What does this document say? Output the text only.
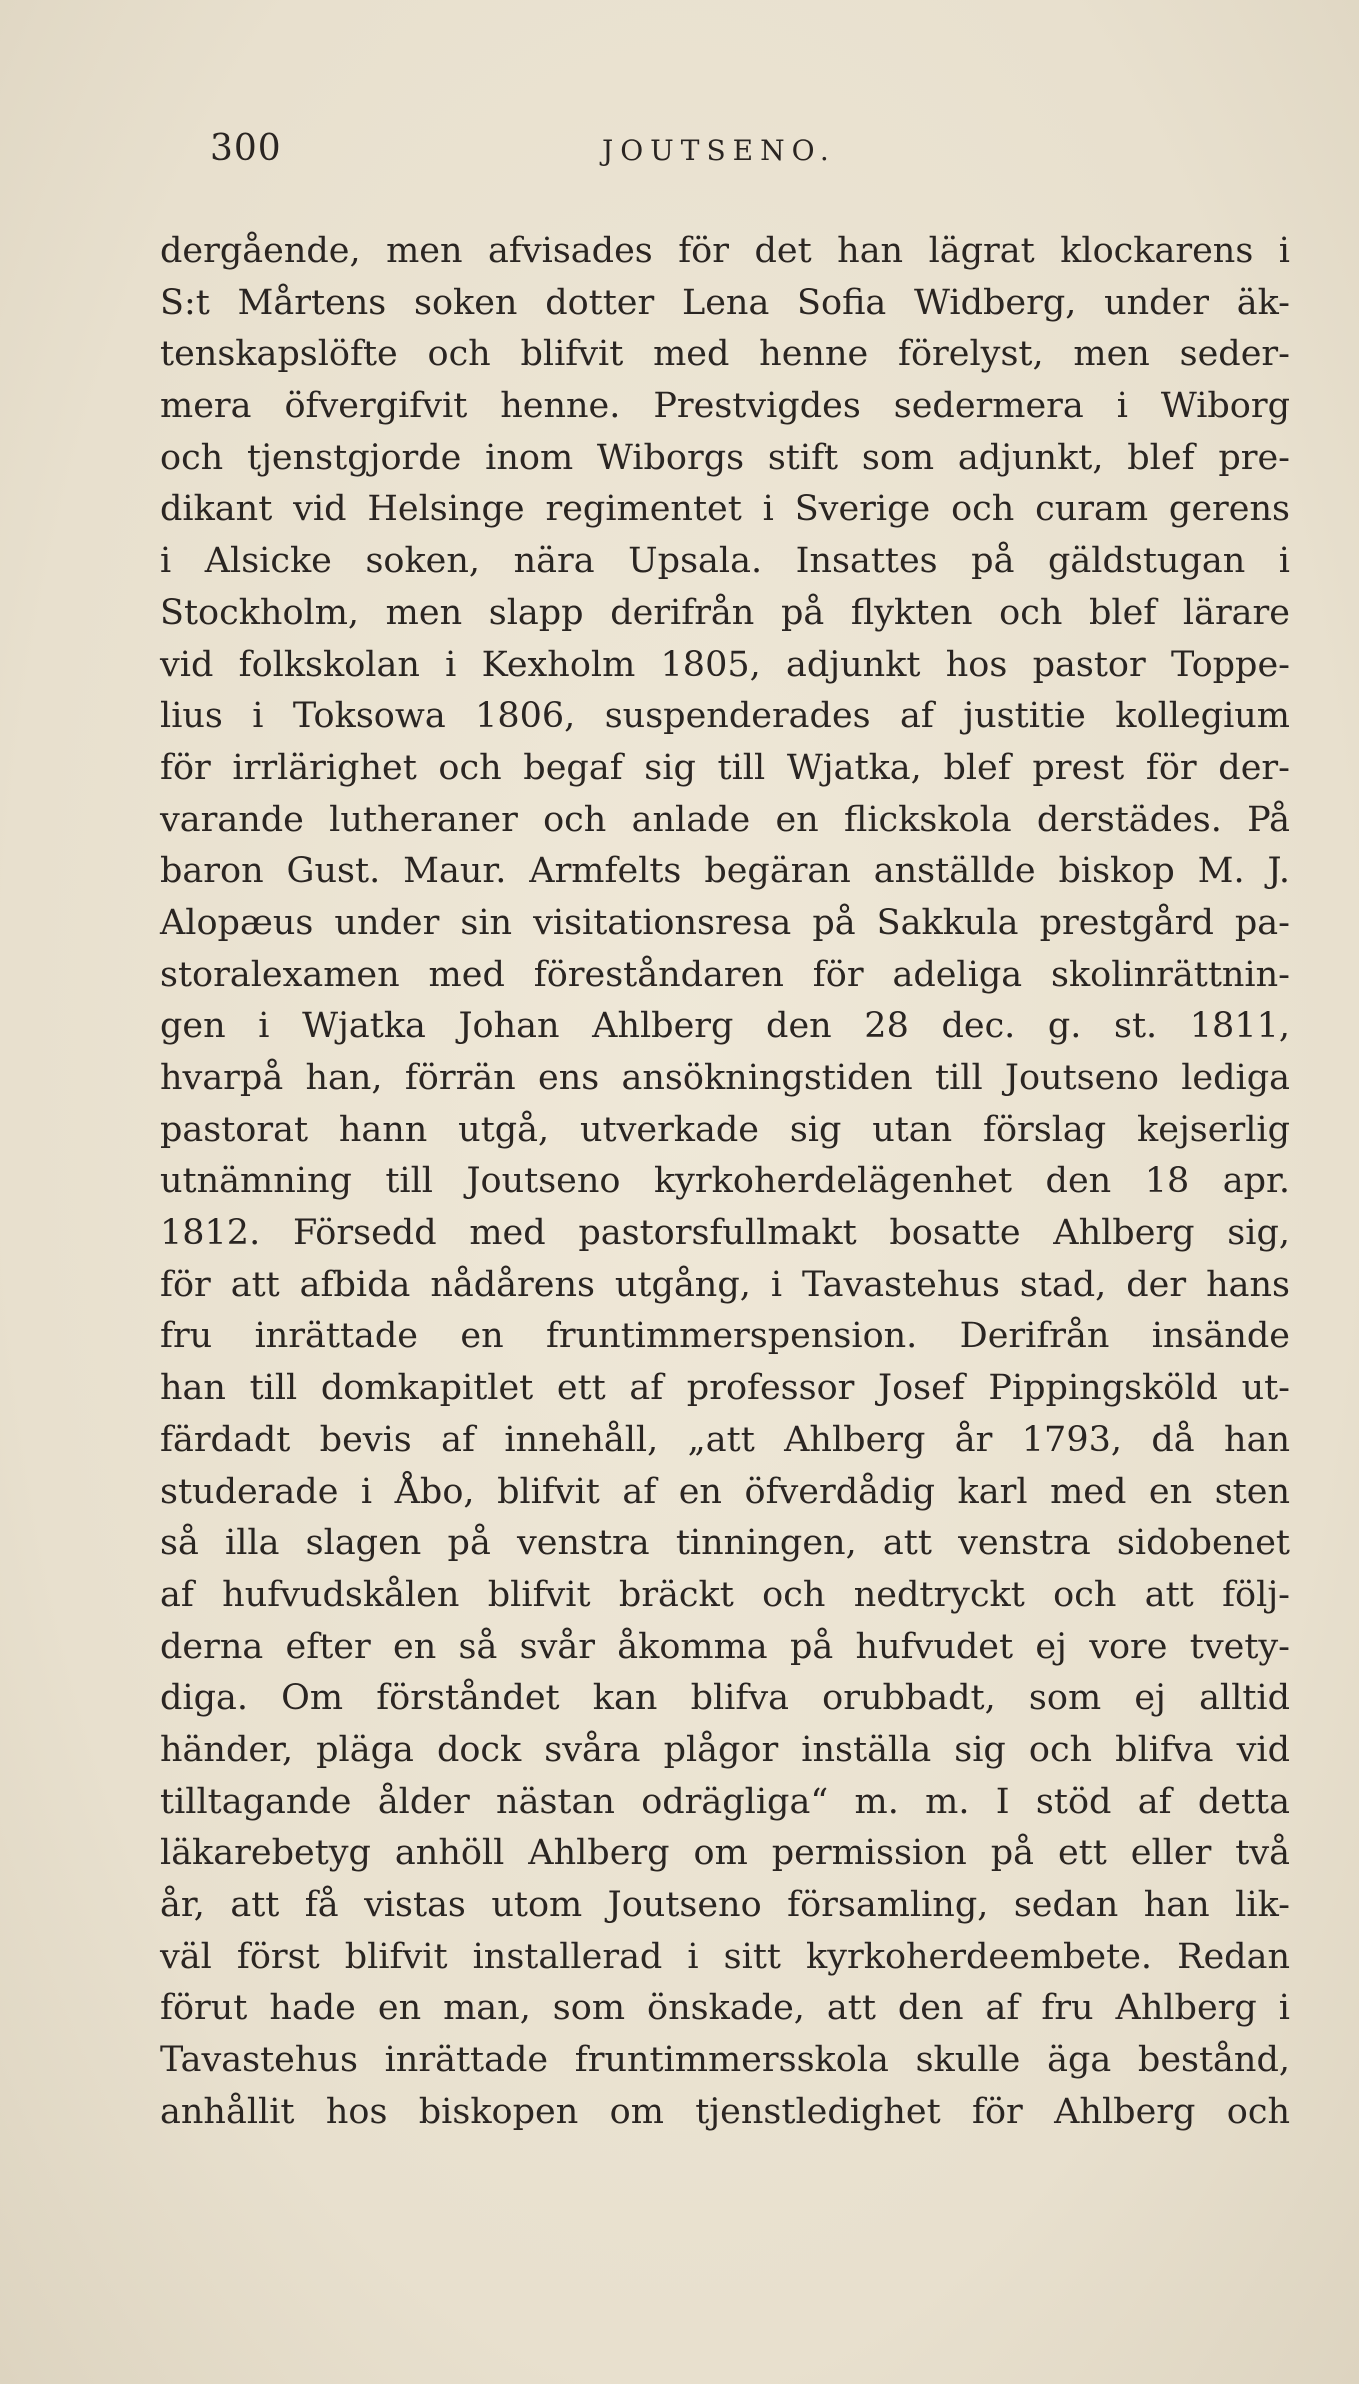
300	JOUTSENO.
dergående, men afvisades för det han lägrat klockarens i
S:t Mårtens soken dotter Lena Sofia Widberg, under äk-
tenskapslöfte och blifvit med henne förelyst, men seder-
mera öfvergifvit henne. Prestvigdes sedermera i Wiborg
och tjenstgjorde inom Wiborgs stift som adjunkt, blef pre-
dikant vid Helsinge regimentet i Sverige och curam gerens
i Alsicke soken, nära Upsala. Insattes på gäldstugan i
Stockholm, men slapp derifrån på flykten och blef lärare
vid folkskolan i Kexholm 1805, adjunkt hos pastor Toppe-
lius i Toksowa 1806, suspenderades af justitie kollegium
för irrlärighet och begaf sig till Wjatka, blef prest för der-
varande lutheraner och anlade en flickskola derstädes. På
baron Gust. Maur. Armfelts begäran anställde biskop M. J.
Alopæus under sin visitationsresa på Sakkula prestgård pa-
storalexamen med föreståndaren för adeliga skolinrättnin-
gen i Wjatka Johan Ahlberg den 28 dec. g. st. 1811,
hvarpå han, förrän ens ansökningstiden till Joutseno lediga
pastorat hann utgå, utverkade sig utan förslag kejserlig
utnämning till Joutseno kyrkoherdelägenhet den 18 apr.
1812. Försedd med pastorsfullmakt bosatte Ahlberg sig,
för att afbida nådårens utgång, i Tavastehus stad, der hans
fru inrättade en fruntimmerspension. Derifrån insände
han till domkapitlet ett af professor Josef Pippingsköld ut-
färdadt bevis af innehåll, „att Ahlberg år 1793, då han
studerade i Åbo, blifvit af en öfverdådig karl med en sten
så illa slagen på venstra tinningen, att venstra sidobenet
af hufvudskålen blifvit bräckt och nedtryckt och att följ-
derna efter en så svår åkomma på hufvudet ej vore tvety-
diga. Om förståndet kan blifva orubbadt, som ej alltid
händer, pläga dock svåra plågor inställa sig och blifva vid
tilltagande ålder nästan odrägliga“ m. m. I stöd af detta
läkarebetyg anhöll Ahlberg om permission på ett eller två
år, att få vistas utom Joutseno församling, sedan han lik-
väl först blifvit installerad i sitt kyrkoherdeembete. Redan
förut hade en man, som önskade, att den af fru Ahlberg i
Tavastehus inrättade fruntimmersskola skulle äga bestånd,
anhållit hos biskopen om tjenstledighet för Ahlberg och
